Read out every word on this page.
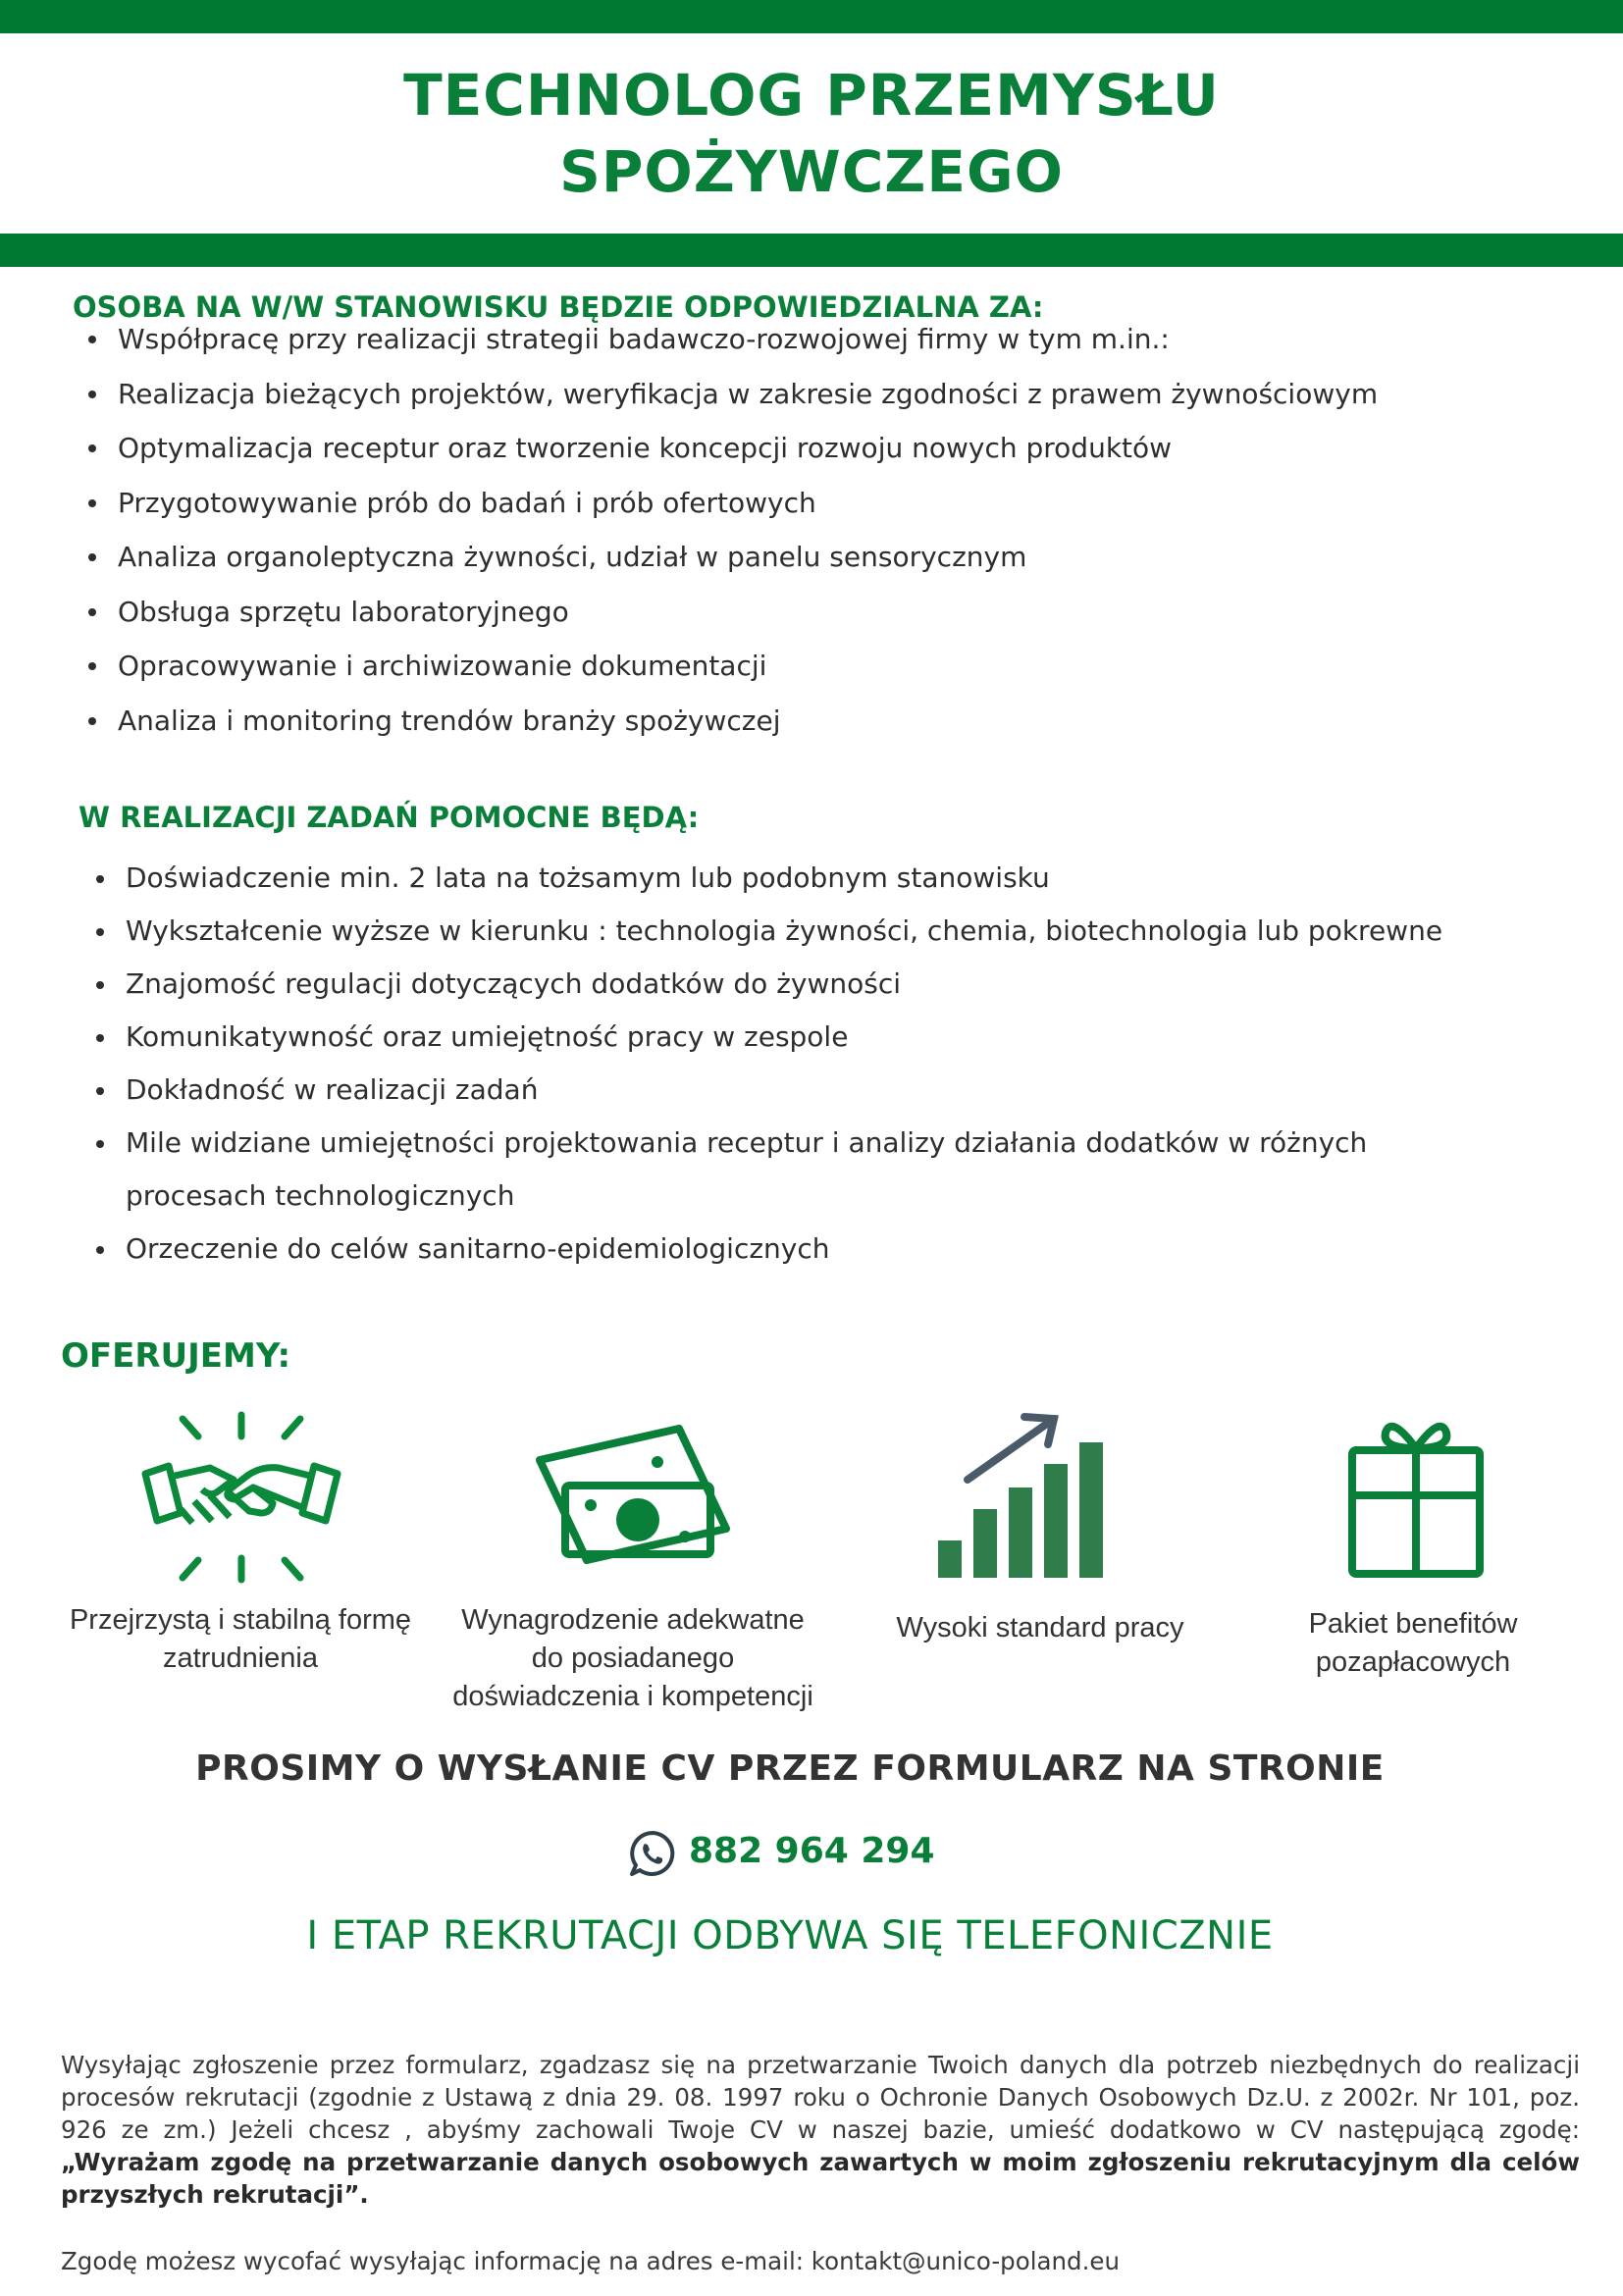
TECHNOLOG PRZEMYSŁU
SPOŻYWCZEGO
OSOBA NA W/W STANOWISKU BĘDZIE ODPOWIEDZIALNA ZA:
Współpracę przy realizacji strategii badawczo-rozwojowej firmy w tym m.in.:
Realizacja bieżących projektów, weryfikacja w zakresie zgodności z prawem żywnościowym
Optymalizacja receptur oraz tworzenie koncepcji rozwoju nowych produktów
Przygotowywanie prób do badań i prób ofertowych
Analiza organoleptyczna żywności, udział w panelu sensorycznym
Obsługa sprzętu laboratoryjnego
Opracowywanie i archiwizowanie dokumentacji
Analiza i monitoring trendów branży spożywczej
W REALIZACJI ZADAŃ POMOCNE BĘDĄ:
Doświadczenie min. 2 lata na tożsamym lub podobnym stanowisku
Wykształcenie wyższe w kierunku : technologia żywności, chemia, biotechnologia lub pokrewne
Znajomość regulacji dotyczących dodatków do żywności
Komunikatywność oraz umiejętność pracy w zespole
Dokładność w realizacji zadań
Mile widziane umiejętności projektowania receptur i analizy działania dodatków w różnych procesach technologicznych
Orzeczenie do celów sanitarno-epidemiologicznych
OFERUJEMY:
Przejrzystą i stabilną formę
zatrudnienia
Wynagrodzenie adekwatne
do posiadanego
doświadczenia i kompetencji
Wysoki standard pracy	Pakiet benefitów
pozapłacowych
PROSIMY O WYSŁANIE CV PRZEZ FORMULARZ NA STRONIE
882 964 294
I ETAP REKRUTACJI ODBYWA SIĘ TELEFONICZNIE
Wysyłając zgłoszenie przez formularz, zgadzasz się na przetwarzanie Twoich danych dla potrzeb niezbędnych do realizacji procesów rekrutacji (zgodnie z Ustawą z dnia 29. 08. 1997 roku o Ochronie Danych Osobowych Dz.U. z 2002r. Nr 101, poz. 926 ze zm.) Jeżeli chcesz , abyśmy zachowali Twoje CV w naszej bazie, umieść dodatkowo w CV następującą zgodę: „Wyrażam zgodę na przetwarzanie danych osobowych zawartych w moim zgłoszeniu rekrutacyjnym dla celów przyszłych rekrutacji”.
Zgodę możesz wycofać wysyłając informację na adres e-mail: kontakt@unico-poland.eu
